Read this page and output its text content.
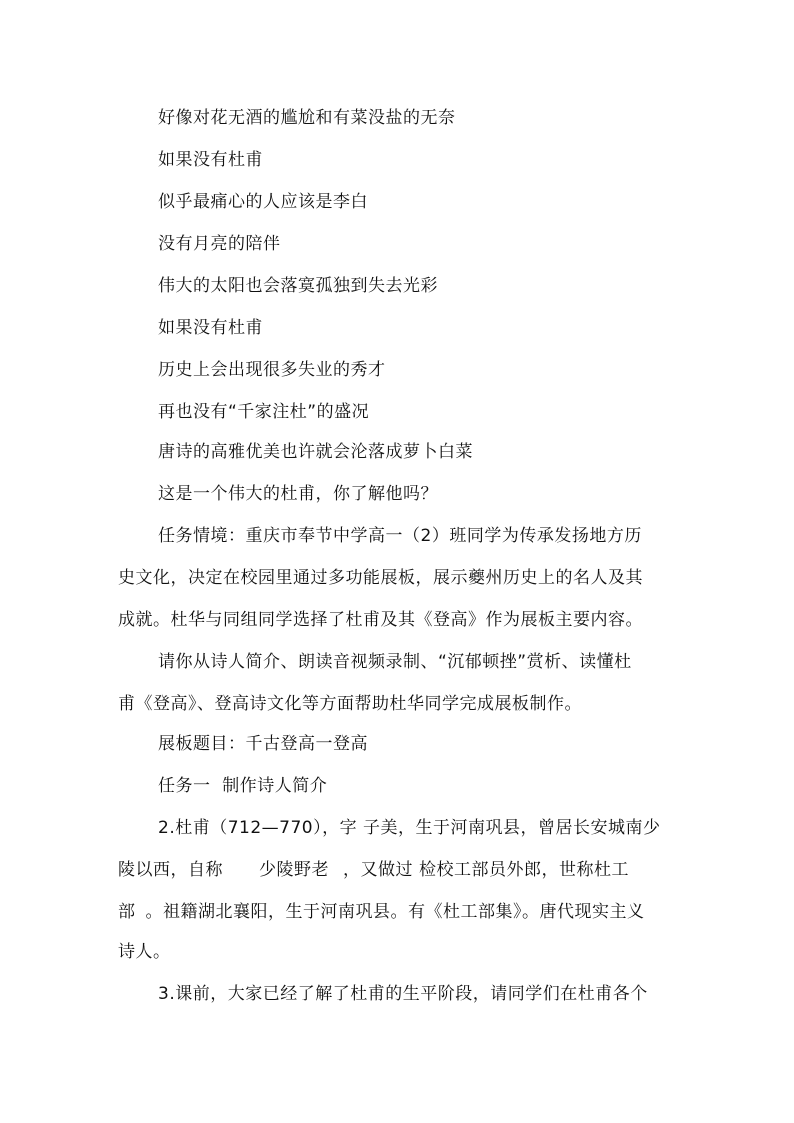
好像对花无酒的尴尬和有菜没盐的无奈
如果没有杜甫
似乎最痛心的人应该是李白
没有月亮的陪伴
伟大的太阳也会落寞孤独到失去光彩
如果没有杜甫
历史上会出现很多失业的秀才
再也没有“千家注杜”的盛况
唐诗的高雅优美也许就会沦落成萝卜白菜
这是一个伟大的杜甫，你了解他吗？
任务情境：重庆市奉节中学高一（2）班同学为传承发扬地方历
史文化，决定在校园里通过多功能展板，展示夔州历史上的名人及其
成就。杜华与同组同学选择了杜甫及其《登高》作为展板主要内容。
请你从诗人简介、朗读音视频录制、“沉郁顿挫”赏析、读懂杜
甫《登高》、登高诗文化等方面帮助杜华同学完成展板制作。
展板题目：千古登高一登高
任务一  制作诗人简介
2.杜甫（712—770），字 子美，生于河南巩县，曾居长安城南少
陵以西，自称 少陵野老 ，又做过 检校工部员外郎，世称杜工
部 。祖籍湖北襄阳，生于河南巩县。有《杜工部集》。唐代现实主义
诗人。
3.课前，大家已经了解了杜甫的生平阶段，请同学们在杜甫各个
